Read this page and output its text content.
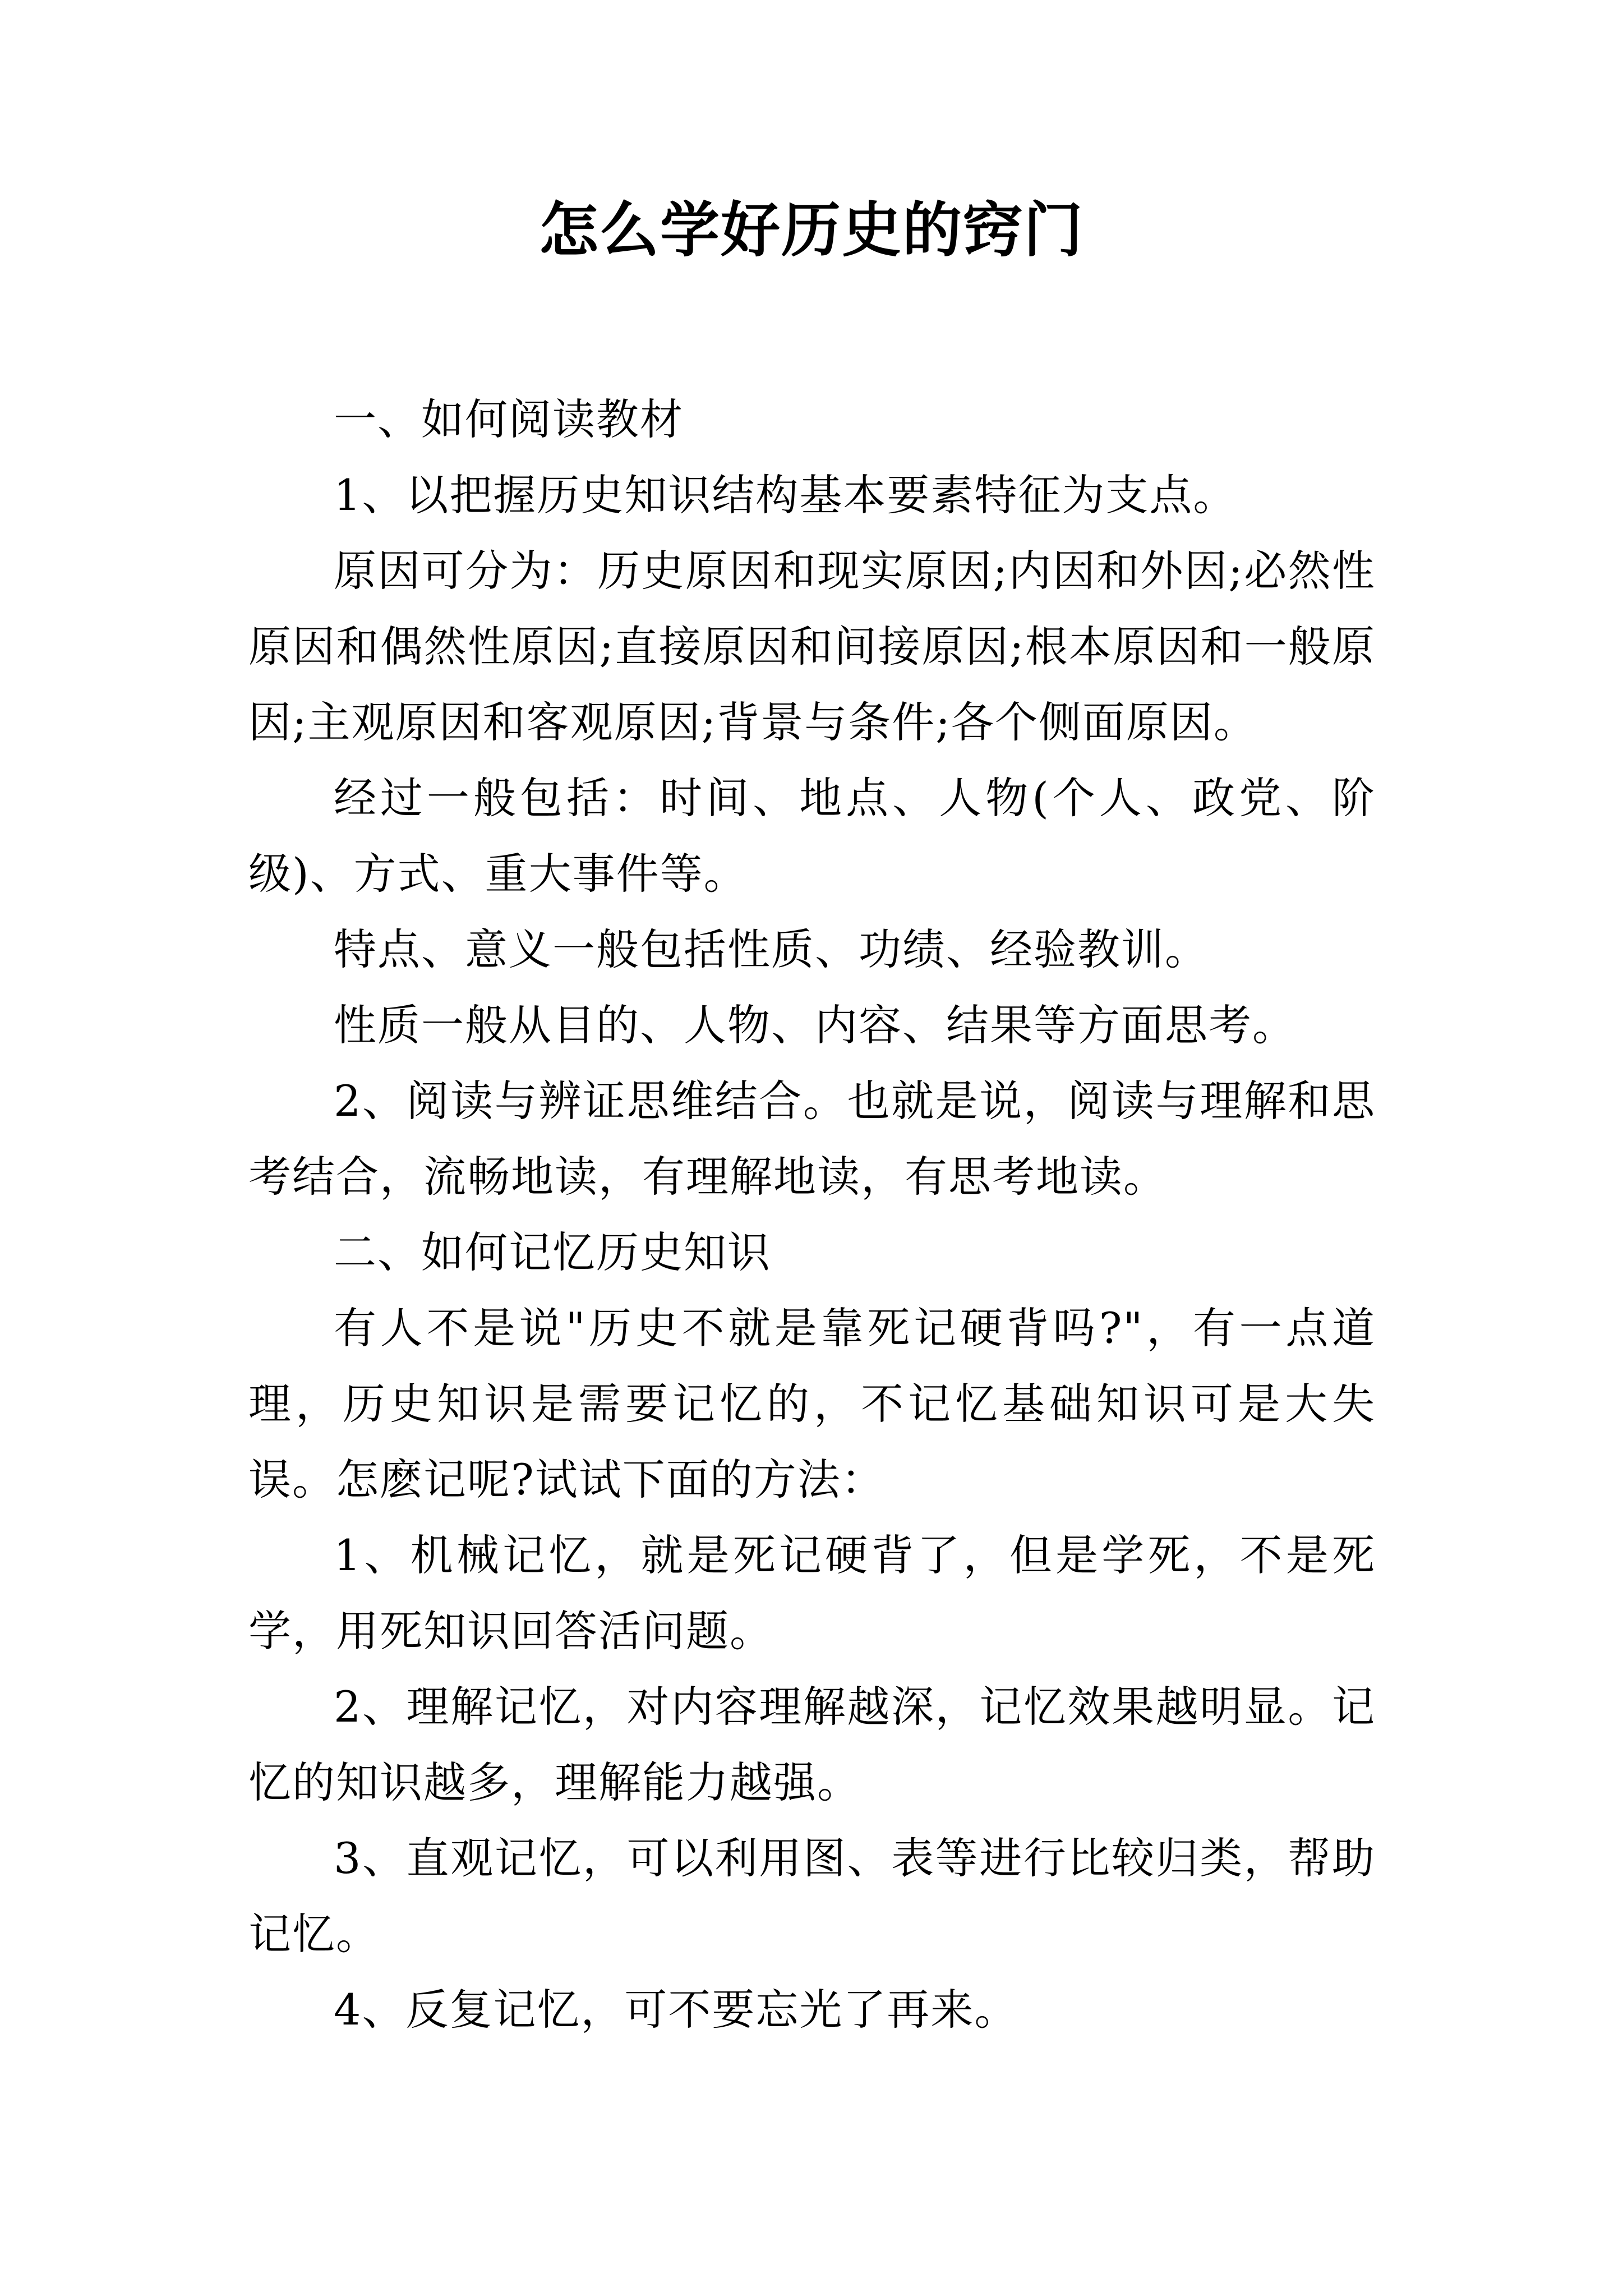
怎么学好历史的窍门

一、如何阅读教材

1、以把握历史知识结构基本要素特征为支点。

原因可分为：历史原因和现实原因;内因和外因;必然性原因和偶然性原因;直接原因和间接原因;根本原因和一般原因;主观原因和客观原因;背景与条件;各个侧面原因。

经过一般包括：时间、地点、人物(个人、政党、阶级)、方式、重大事件等。

特点、意义一般包括性质、功绩、经验教训。

性质一般从目的、人物、内容、结果等方面思考。

2、阅读与辨证思维结合。也就是说，阅读与理解和思考结合，流畅地读，有理解地读，有思考地读。

二、如何记忆历史知识

有人不是说"历史不就是靠死记硬背吗?"，有一点道理，历史知识是需要记忆的，不记忆基础知识可是大失误。怎麽记呢?试试下面的方法：

1、机械记忆，就是死记硬背了，但是学死，不是死学，用死知识回答活问题。

2、理解记忆，对内容理解越深，记忆效果越明显。记忆的知识越多，理解能力越强。

3、直观记忆，可以利用图、表等进行比较归类，帮助记忆。

4、反复记忆，可不要忘光了再来。
